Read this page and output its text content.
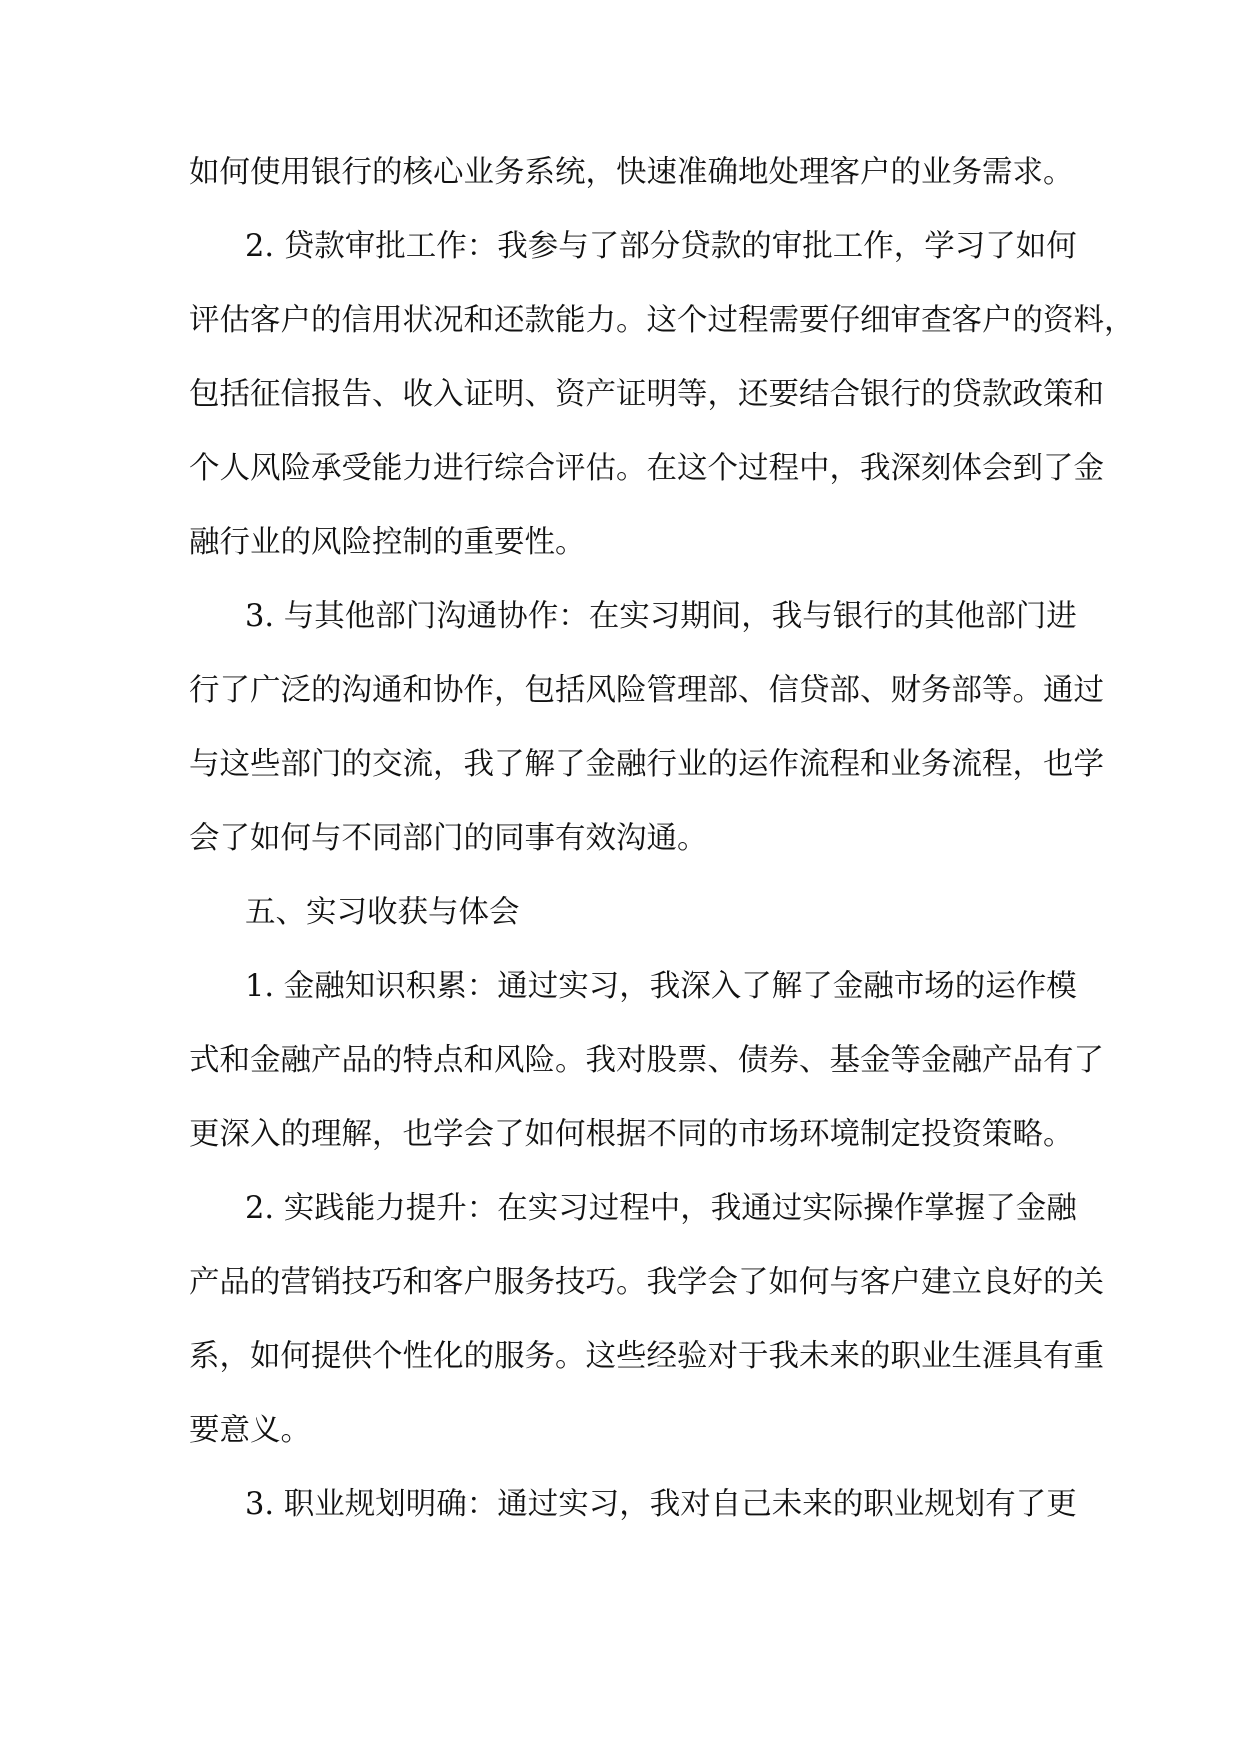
如何使用银行的核心业务系统，快速准确地处理客户的业务需求。

2. 贷款审批工作：我参与了部分贷款的审批工作，学习了如何

评估客户的信用状况和还款能力。这个过程需要仔细审查客户的资料，

包括征信报告、收入证明、资产证明等，还要结合银行的贷款政策和

个人风险承受能力进行综合评估。在这个过程中，我深刻体会到了金

融行业的风险控制的重要性。

3. 与其他部门沟通协作：在实习期间，我与银行的其他部门进

行了广泛的沟通和协作，包括风险管理部、信贷部、财务部等。通过

与这些部门的交流，我了解了金融行业的运作流程和业务流程，也学

会了如何与不同部门的同事有效沟通。

五、实习收获与体会

1. 金融知识积累：通过实习，我深入了解了金融市场的运作模

式和金融产品的特点和风险。我对股票、债券、基金等金融产品有了

更深入的理解，也学会了如何根据不同的市场环境制定投资策略。

2. 实践能力提升：在实习过程中，我通过实际操作掌握了金融

产品的营销技巧和客户服务技巧。我学会了如何与客户建立良好的关

系，如何提供个性化的服务。这些经验对于我未来的职业生涯具有重

要意义。

3. 职业规划明确：通过实习，我对自己未来的职业规划有了更
